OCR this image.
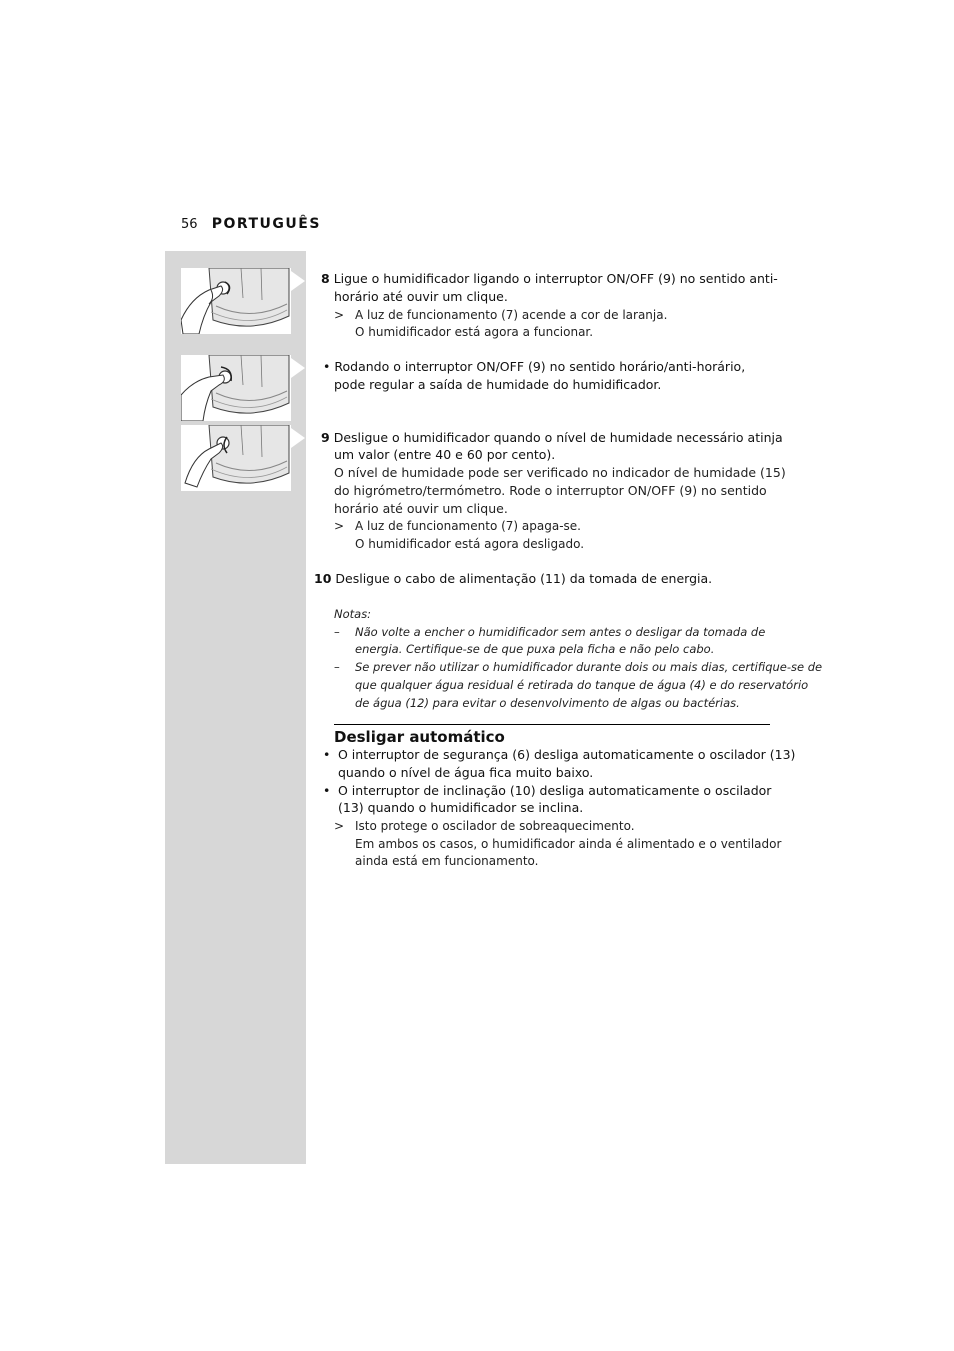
56 PORTUGUÊS
8 Ligue o humidificador ligando o interruptor ON/OFF (9) no sentido anti-
horário até ouvir um clique.
> A luz de funcionamento (7) acende a cor de laranja.
O humidificador está agora a funcionar.
• Rodando o interruptor ON/OFF (9) no sentido horário/anti-horário,
pode regular a saída de humidade do humidificador.
9 Desligue o humidificador quando o nível de humidade necessário atinja
um valor (entre 40 e 60 por cento).
O nível de humidade pode ser verificado no indicador de humidade (15)
do higrómetro/termómetro. Rode o interruptor ON/OFF (9) no sentido
horário até ouvir um clique.
> A luz de funcionamento (7) apaga-se.
O humidificador está agora desligado.
10 Desligue o cabo de alimentação (11) da tomada de energia.
Notas:
– Não volte a encher o humidificador sem antes o desligar da tomada de
energia. Certifique-se de que puxa pela ficha e não pelo cabo.
– Se prever não utilizar o humidificador durante dois ou mais dias, certifique-se de
que qualquer água residual é retirada do tanque de água (4) e do reservatório
de água (12) para evitar o desenvolvimento de algas ou bactérias.
Desligar automático
• O interruptor de segurança (6) desliga automaticamente o oscilador (13)
quando o nível de água fica muito baixo.
• O interruptor de inclinação (10) desliga automaticamente o oscilador
(13) quando o humidificador se inclina.
> Isto protege o oscilador de sobreaquecimento.
Em ambos os casos, o humidificador ainda é alimentado e o ventilador
ainda está em funcionamento.
